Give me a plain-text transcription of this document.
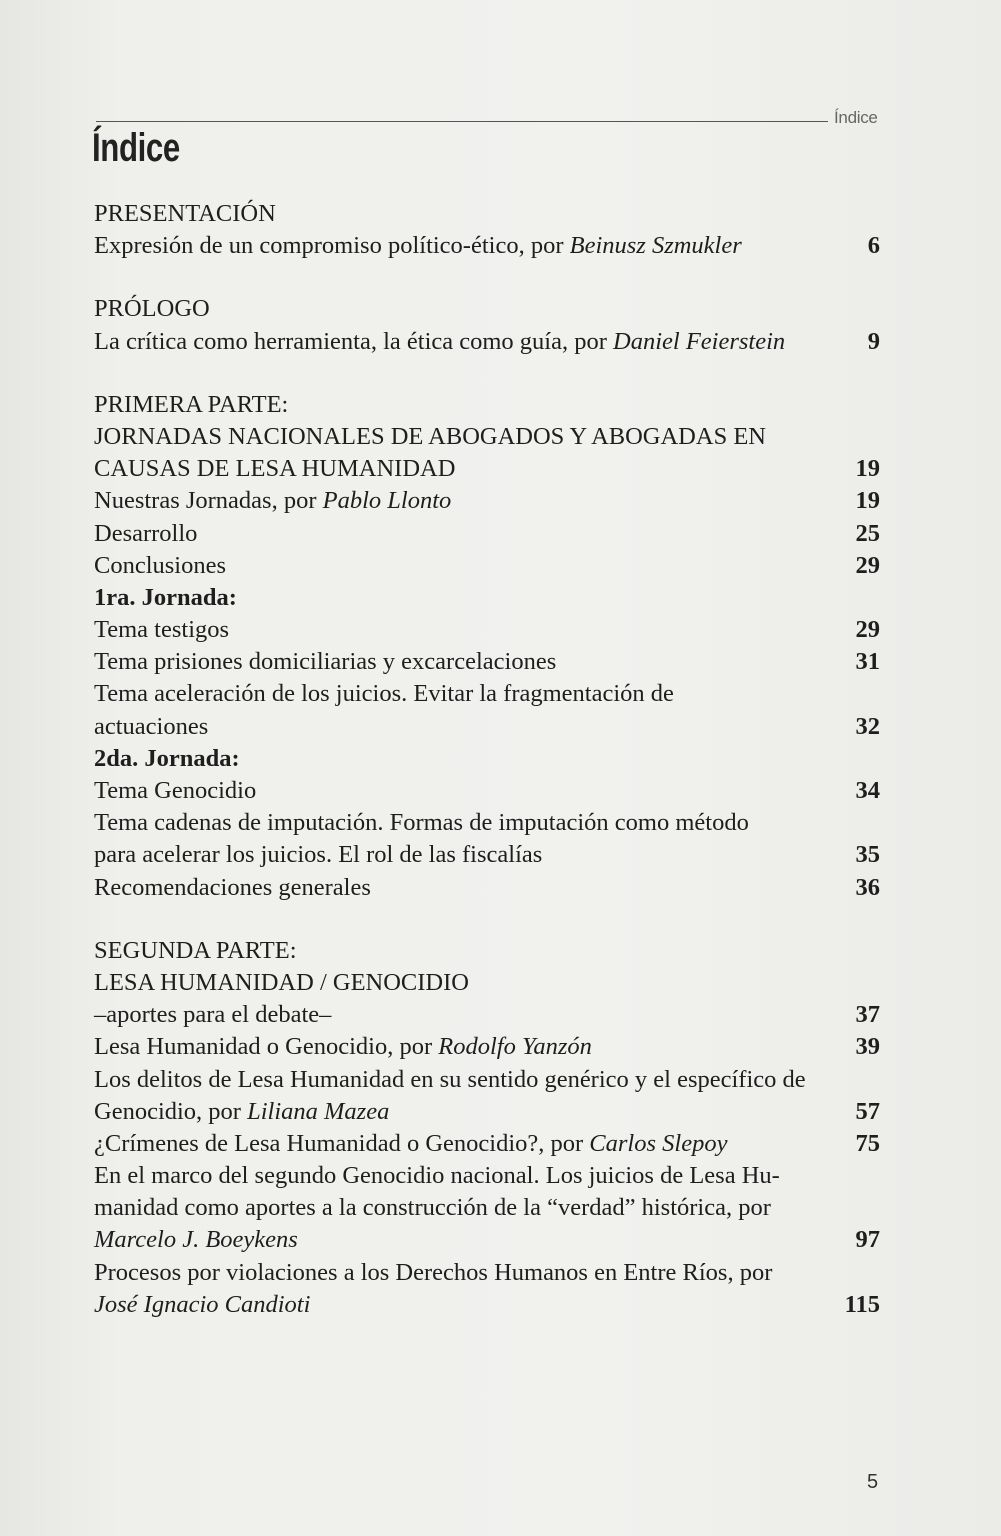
Índice
Índice
PRESENTACIÓN
Expresión de un compromiso político-ético, por Beinusz Szmukler	6
PRÓLOGO
La crítica como herramienta, la ética como guía, por Daniel Feierstein	9
PRIMERA PARTE:
JORNADAS NACIONALES DE ABOGADOS Y ABOGADAS EN
CAUSAS DE LESA HUMANIDAD	19
Nuestras Jornadas, por Pablo Llonto	19
Desarrollo	25
Conclusiones	29
1ra. Jornada:
Tema testigos	29
Tema prisiones domiciliarias y excarcelaciones	31
Tema aceleración de los juicios. Evitar la fragmentación de
actuaciones	32
2da. Jornada:
Tema Genocidio	34
Tema cadenas de imputación. Formas de imputación como método
para acelerar los juicios. El rol de las fiscalías	35
Recomendaciones generales	36
SEGUNDA PARTE:
LESA HUMANIDAD / GENOCIDIO
–aportes para el debate–	37
Lesa Humanidad o Genocidio, por Rodolfo Yanzón	39
Los delitos de Lesa Humanidad en su sentido genérico y el específico de
Genocidio, por Liliana Mazea	57
¿Crímenes de Lesa Humanidad o Genocidio?, por Carlos Slepoy	75
En el marco del segundo Genocidio nacional. Los juicios de Lesa Hu-
manidad como aportes a la construcción de la “verdad” histórica, por
Marcelo J. Boeykens	97
Procesos por violaciones a los Derechos Humanos en Entre Ríos, por
José Ignacio Candioti	115
5
